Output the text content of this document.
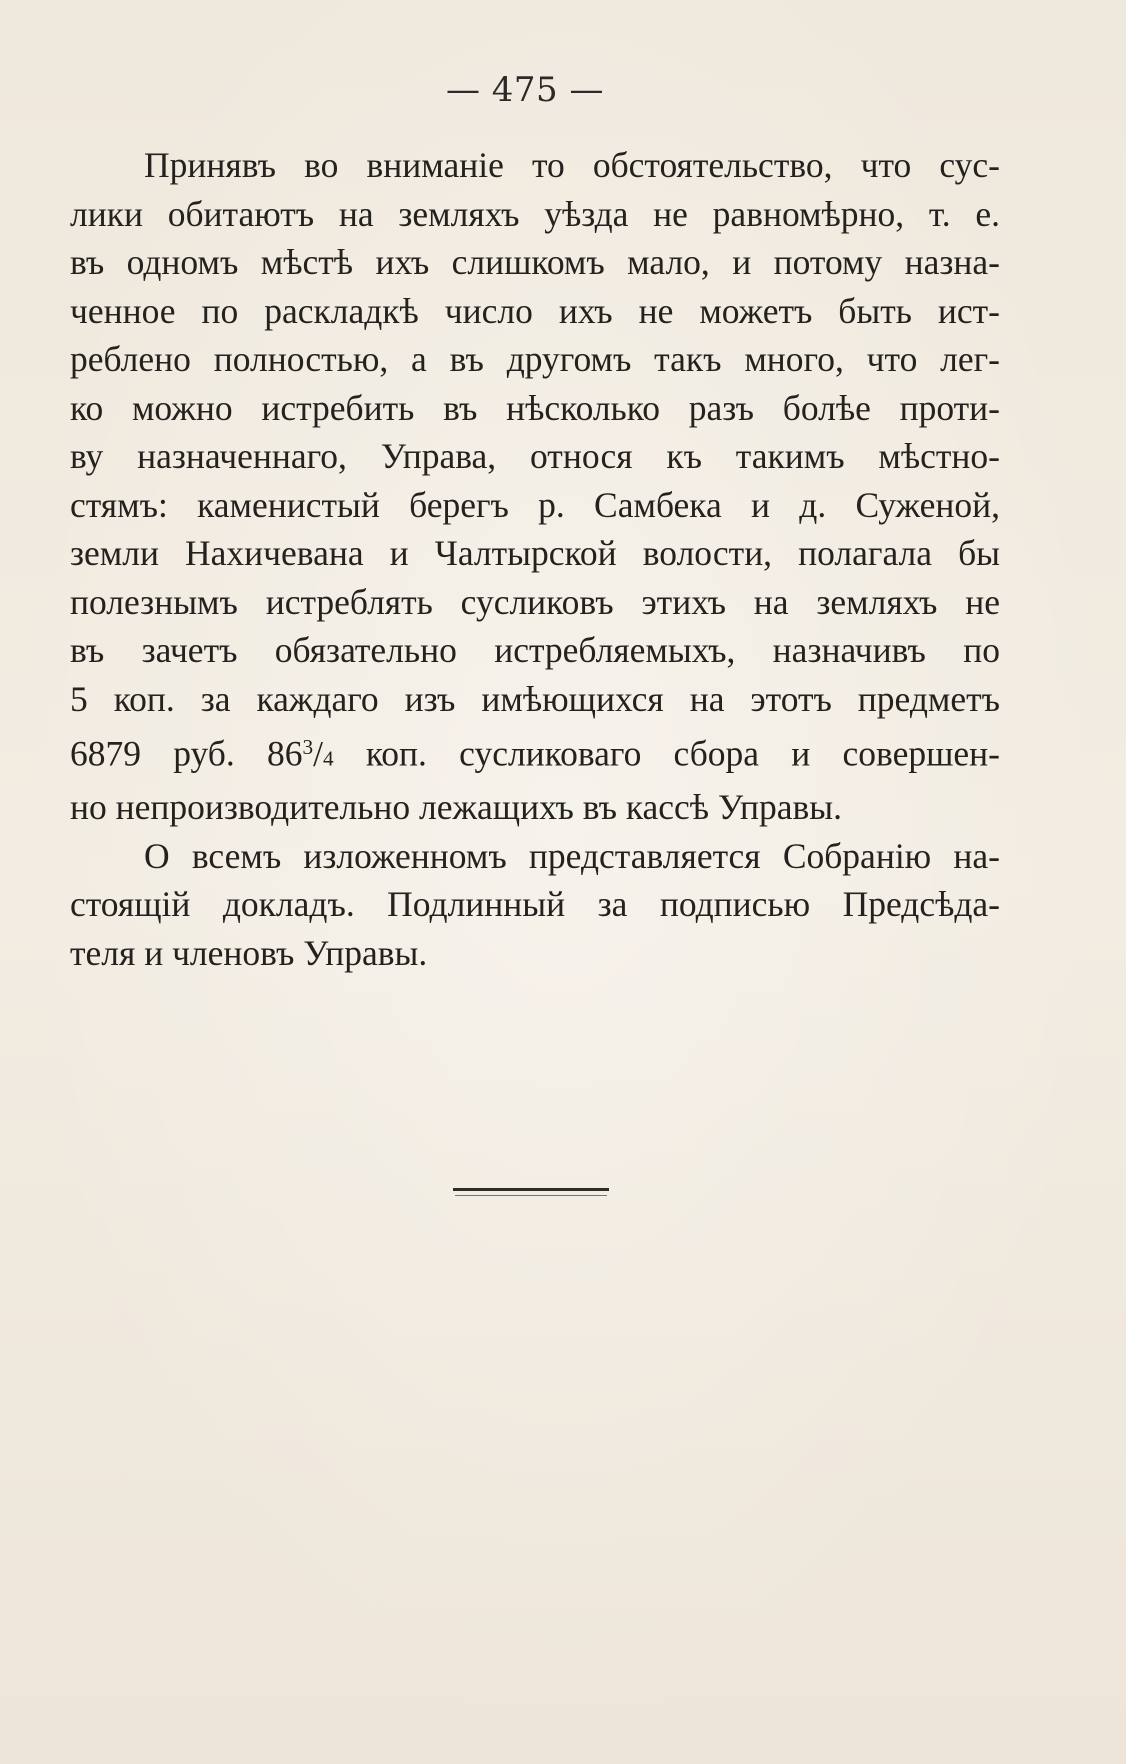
— 475 —
Принявъ во вниманіе то обстоятельство, что сус-
лики обитаютъ на земляхъ уѣзда не равномѣрно, т. е.
въ одномъ мѣстѣ ихъ слишкомъ мало, и потому назна-
ченное по раскладкѣ число ихъ не можетъ быть ист-
реблено полностью, а въ другомъ такъ много, что лег-
ко можно истребить въ нѣсколько разъ болѣе проти-
ву назначеннаго, Управа, относя къ такимъ мѣстно-
стямъ: каменистый берегъ р. Самбека и д. Суженой,
земли Нахичевана и Чалтырской волости, полагала бы
полезнымъ истреблять сусликовъ этихъ на земляхъ не
въ зачетъ обязательно истребляемыхъ, назначивъ по
5 коп. за каждаго изъ имѣющихся на этотъ предметъ
6879 руб. $86^3/4$ коп. сусликоваго сбора и совершен-
но непроизводительно лежащихъ въ кассѣ Управы.
О всемъ изложенномъ представляется Собранію на-
стоящій докладъ. Подлинный за подписью Предсѣда-
теля и членовъ Управы.
